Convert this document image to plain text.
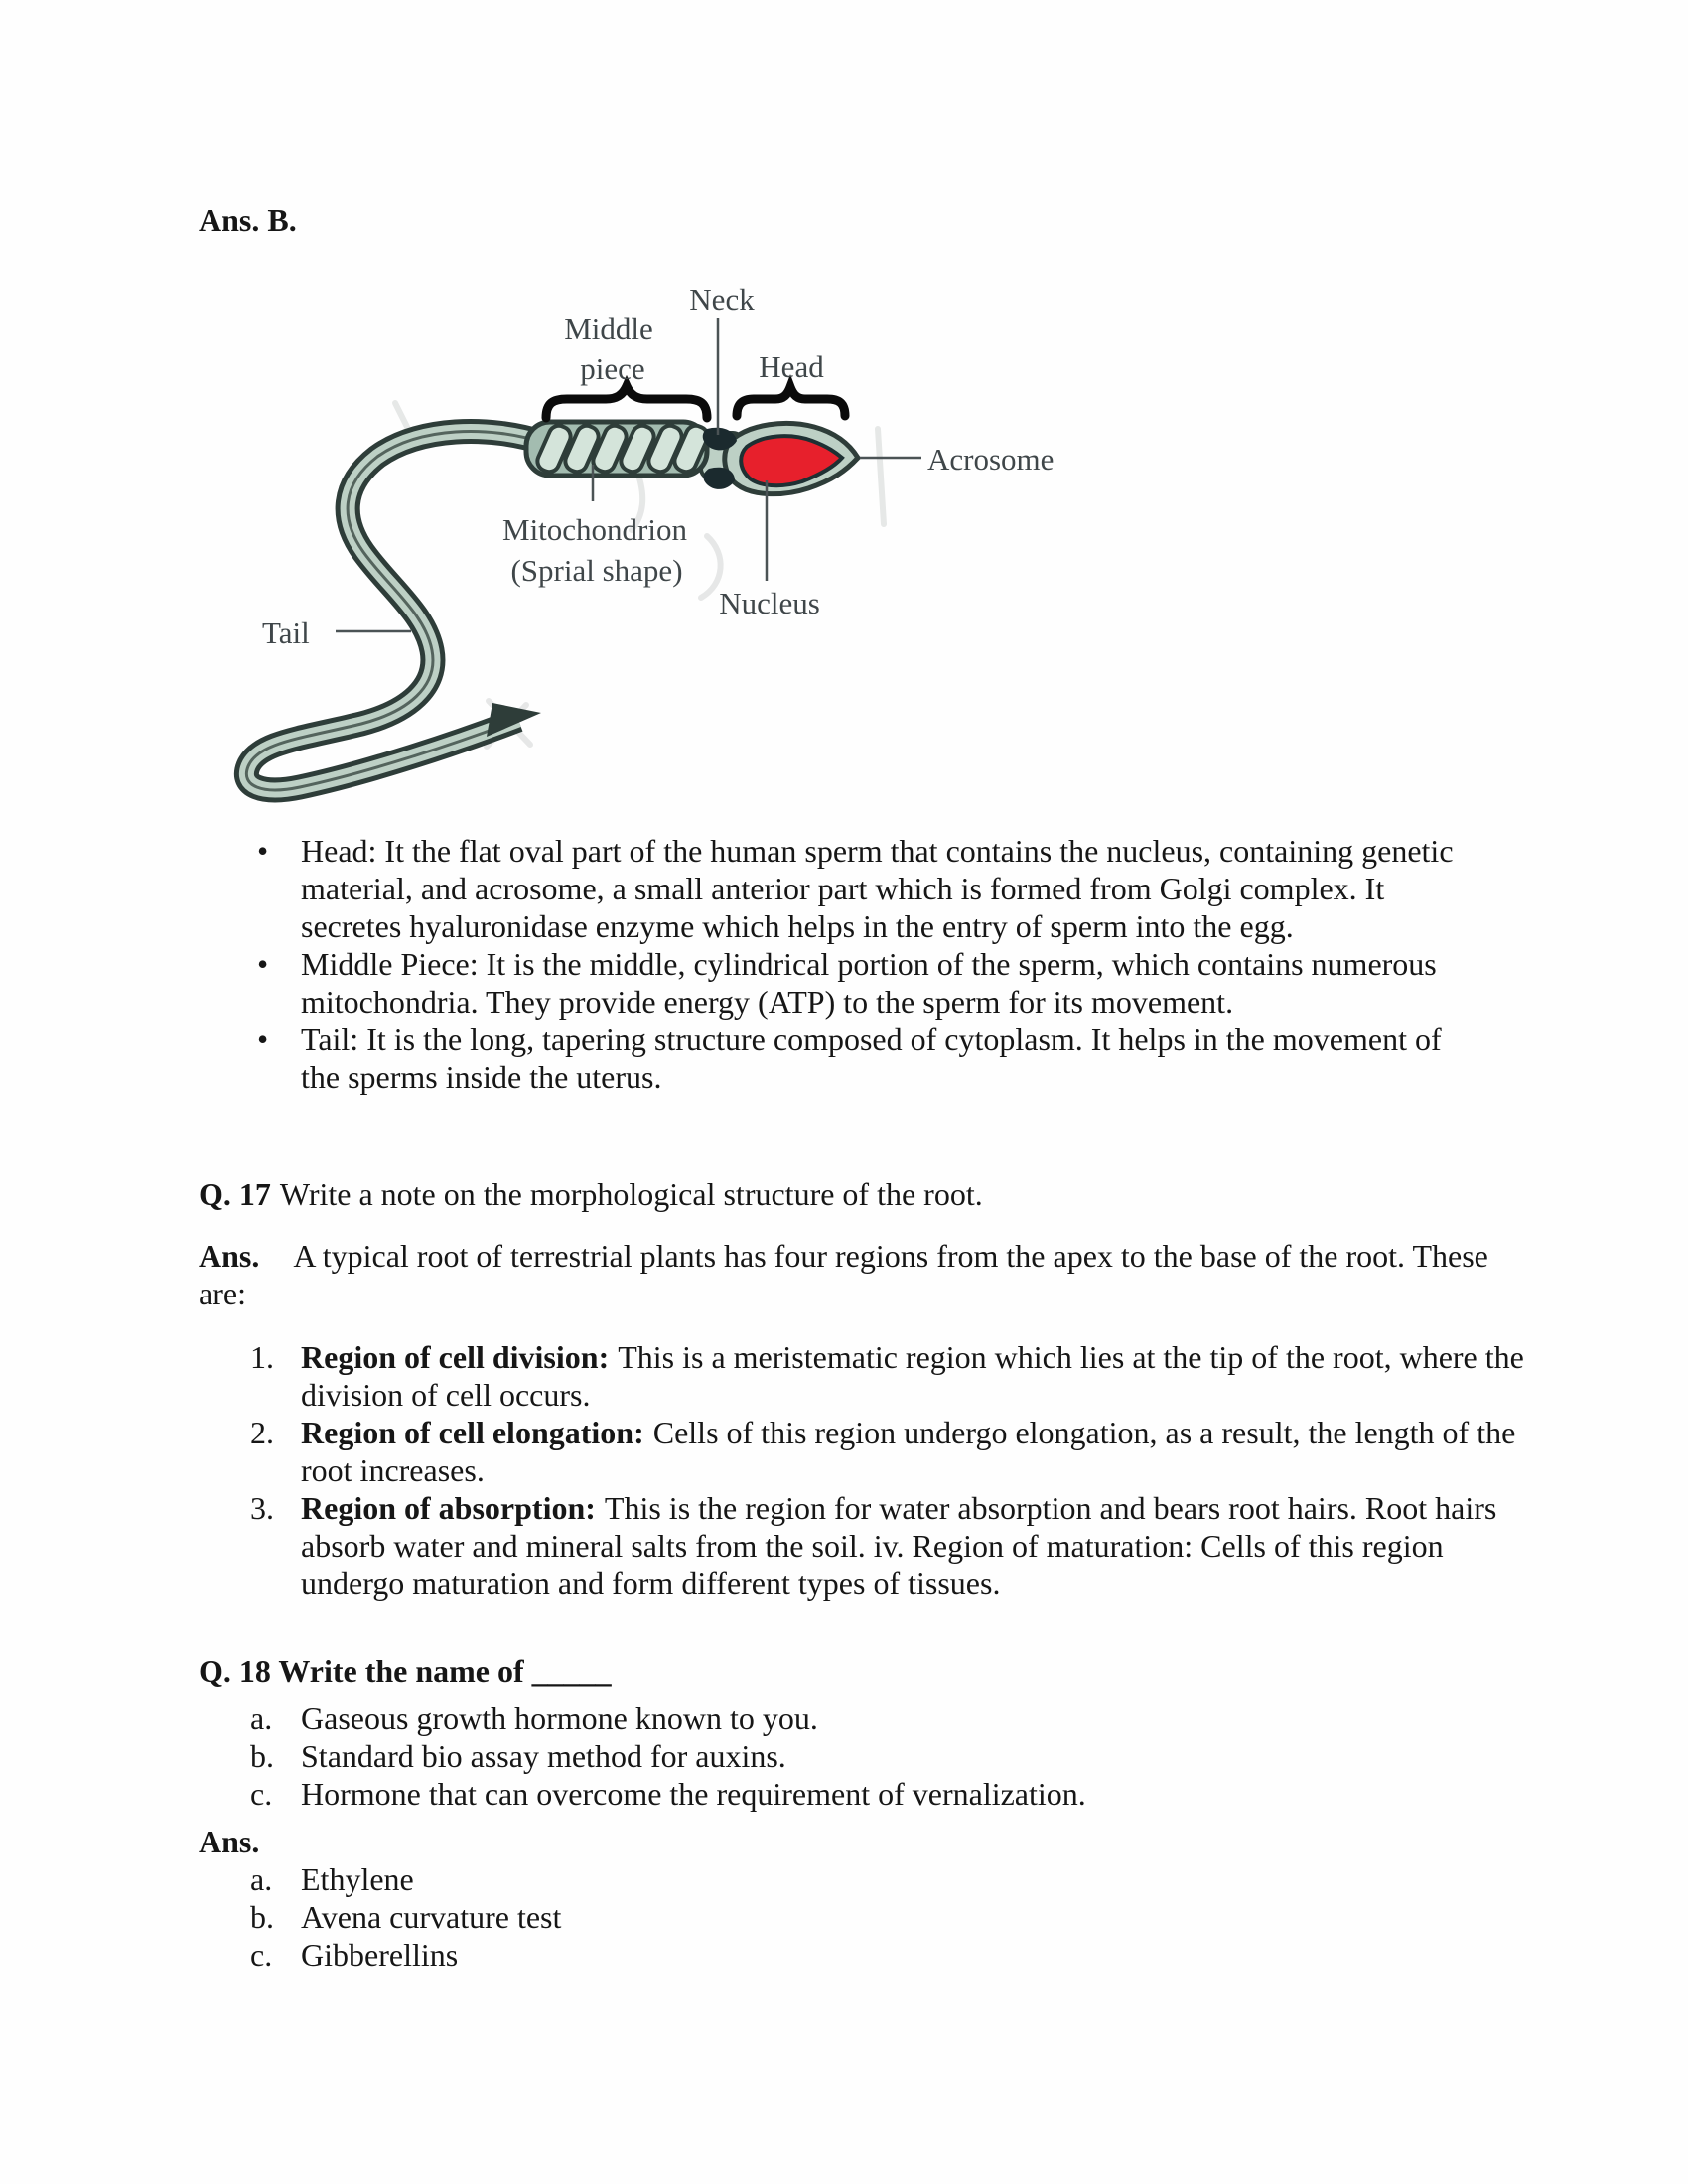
Ans. B.
Neck
Middle
piece	Head
Acrosome
Mitochondrion
(Sprial shape)
Nucleus
Tail
• Head: It the flat oval part of the human sperm that contains the nucleus, containing genetic material, and acrosome, a small anterior part which is formed from Golgi complex. It secretes hyaluronidase enzyme which helps in the entry of sperm into the egg.
• Middle Piece: It is the middle, cylindrical portion of the sperm, which contains numerous mitochondria. They provide energy (ATP) to the sperm for its movement.
• Tail: It is the long, tapering structure composed of cytoplasm. It helps in the movement of the sperms inside the uterus.
Q. 17 Write a note on the morphological structure of the root.
Ans. A typical root of terrestrial plants has four regions from the apex to the base of the root. These are:
Region of cell division: This is a meristematic region which lies at the tip of the root, where the division of cell occurs.
Region of cell elongation: Cells of this region undergo elongation, as a result, the length of the root increases.
Region of absorption: This is the region for water absorption and bears root hairs. Root hairs absorb water and mineral salts from the soil. iv. Region of maturation: Cells of this region undergo maturation and form different types of tissues.
Q. 18 Write the name of _____
Gaseous growth hormone known to you.
Standard bio assay method for auxins.
Hormone that can overcome the requirement of vernalization.
Ans.
Ethylene
Avena curvature test
Gibberellins
